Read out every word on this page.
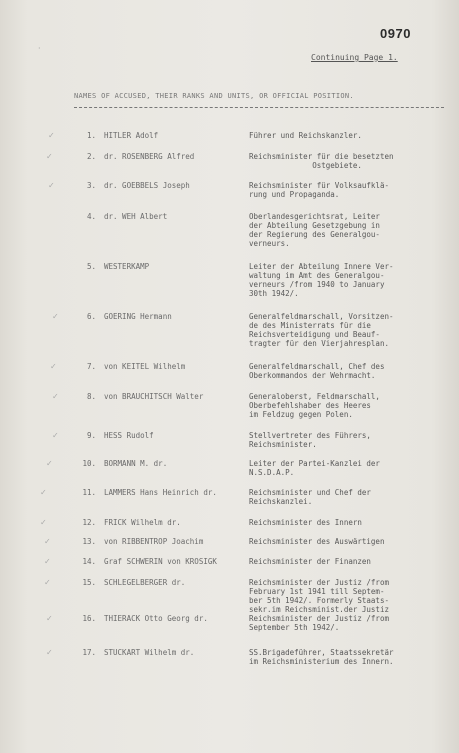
·
0970
Continuing Page 1.
NAMES OF ACCUSED, THEIR RANKS AND UNITS, OR OFFICIAL POSITION.
✓	1. HITLER Adolf	Führer und Reichskanzler.
✓	2. dr. ROSENBERG Alfred	Reichsminister für die besetzten
Ostgebiete.
✓	3. dr. GOEBBELS Joseph	Reichsminister für Volksaufklä-
rung und Propaganda.
4. dr. WEH Albert	Oberlandesgerichtsrat, Leiter
der Abteilung Gesetzgebung in
der Regierung des Generalgou-
verneurs.
5. WESTERKAMP	Leiter der Abteilung Innere Ver-
waltung im Amt des Generalgou-
verneurs /from 1940 to January
30th 1942/.
✓	6. GOERING Hermann	Generalfeldmarschall, Vorsitzen-
de des Ministerrats für die
Reichsverteidigung und Beauf-
tragter für den Vierjahresplan.
✓	7. von KEITEL Wilhelm	Generalfeldmarschall, Chef des
Oberkommandos der Wehrmacht.
✓	8. von BRAUCHITSCH Walter	Generaloberst, Feldmarschall,
Oberbefehlshaber des Heeres
im Feldzug gegen Polen.
✓	9. HESS Rudolf	Stellvertreter des Führers,
Reichsminister.
✓	10. BORMANN M. dr.	Leiter der Partei-Kanzlei der
N.S.D.A.P.
✓	11. LAMMERS Hans Heinrich dr.	Reichsminister und Chef der
Reichskanzlei.
✓	12. FRICK Wilhelm dr.	Reichsminister des Innern
✓	13. von RIBBENTROP Joachim	Reichsminister des Auswärtigen
✓	14. Graf SCHWERIN von KROSIGK	Reichsminister der Finanzen
✓	15. SCHLEGELBERGER dr.	Reichsminister der Justiz /from
February 1st 1941 till Septem-
ber 5th 1942/. Formerly Staats-
sekr.im Reichsminist.der Justiz
✓	16. THIERACK Otto Georg dr.	Reichsminister der Justiz /from
September 5th 1942/.
✓	17. STUCKART Wilhelm dr.	SS.Brigadeführer, Staatssekretär
im Reichsministerium des Innern.
